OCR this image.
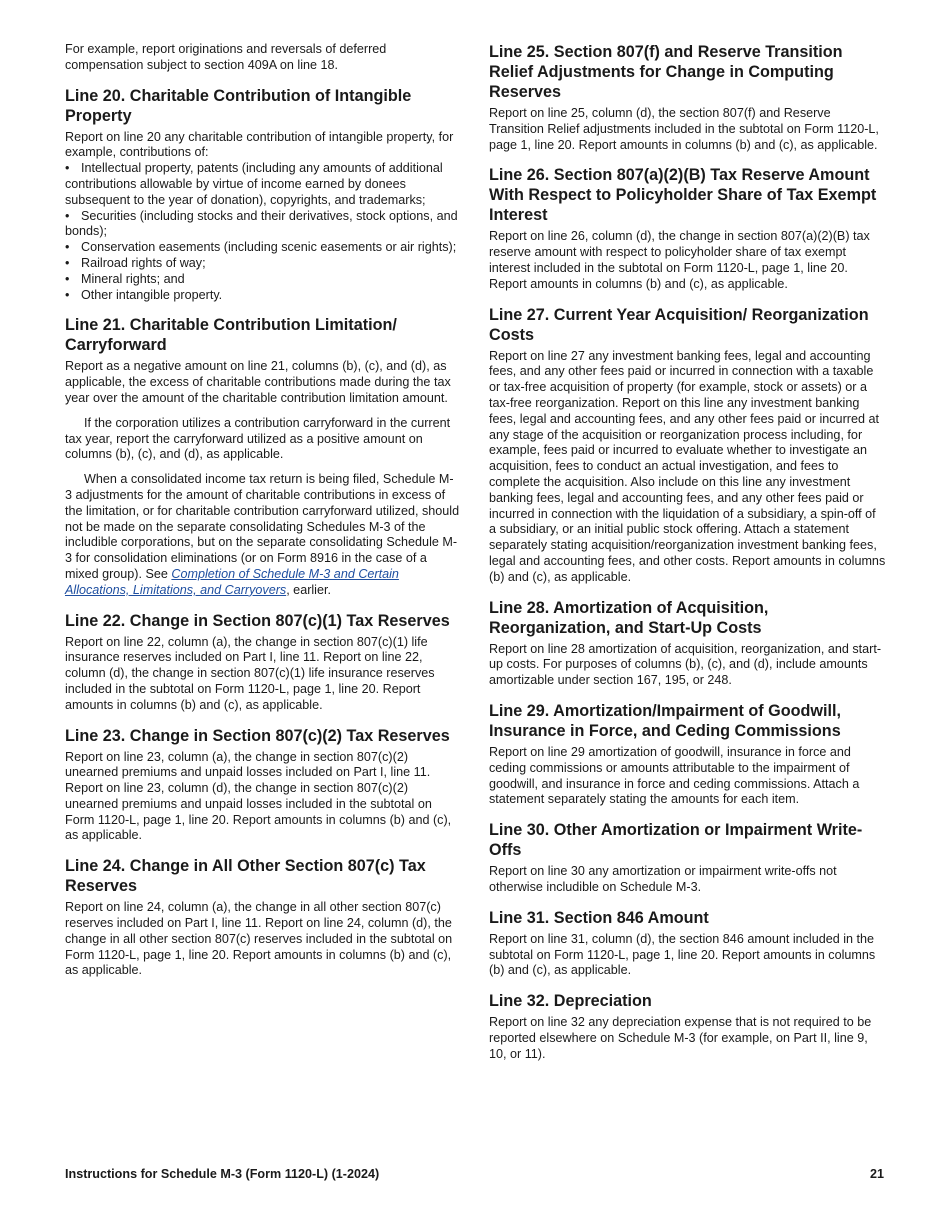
For example, report originations and reversals of deferred compensation subject to section 409A on line 18.

Line 20. Charitable Contribution of Intangible Property

Report on line 20 any charitable contribution of intangible property, for example, contributions of:

• Intellectual property, patents (including any amounts of additional contributions allowable by virtue of income earned by donees subsequent to the year of donation), copyrights, and trademarks;
• Securities (including stocks and their derivatives, stock options, and bonds);
• Conservation easements (including scenic easements or air rights);
• Railroad rights of way;
• Mineral rights; and
• Other intangible property.
Line 21. Charitable Contribution Limitation/ Carryforward

Report as a negative amount on line 21, columns (b), (c), and (d), as applicable, the excess of charitable contributions made during the tax year over the amount of the charitable contribution limitation amount.

If the corporation utilizes a contribution carryforward in the current tax year, report the carryforward utilized as a positive amount on columns (b), (c), and (d), as applicable.

When a consolidated income tax return is being filed, Schedule M-3 adjustments for the amount of charitable contributions in excess of the limitation, or for charitable contribution carryforward utilized, should not be made on the separate consolidating Schedules M-3 of the includible corporations, but on the separate consolidating Schedule M-3 for consolidation eliminations (or on Form 8916 in the case of a mixed group). See Completion of Schedule M-3 and Certain Allocations, Limitations, and Carryovers, earlier.

Line 22. Change in Section 807(c)(1) Tax Reserves

Report on line 22, column (a), the change in section 807(c)(1) life insurance reserves included on Part I, line 11. Report on line 22, column (d), the change in section 807(c)(1) life insurance reserves included in the subtotal on Form 1120-L, page 1, line 20. Report amounts in columns (b) and (c), as applicable.

Line 23. Change in Section 807(c)(2) Tax Reserves

Report on line 23, column (a), the change in section 807(c)(2) unearned premiums and unpaid losses included on Part I, line 11. Report on line 23, column (d), the change in section 807(c)(2) unearned premiums and unpaid losses included in the subtotal on Form 1120-L, page 1, line 20. Report amounts in columns (b) and (c), as applicable.

Line 24. Change in All Other Section 807(c) Tax Reserves

Report on line 24, column (a), the change in all other section 807(c) reserves included on Part I, line 11. Report on line 24, column (d), the change in all other section 807(c) reserves included in the subtotal on Form 1120-L, page 1, line 20. Report amounts in columns (b) and (c), as applicable.

Line 25. Section 807(f) and Reserve Transition Relief Adjustments for Change in Computing Reserves

Report on line 25, column (d), the section 807(f) and Reserve Transition Relief adjustments included in the subtotal on Form 1120-L, page 1, line 20. Report amounts in columns (b) and (c), as applicable.

Line 26. Section 807(a)(2)(B) Tax Reserve Amount With Respect to Policyholder Share of Tax Exempt Interest

Report on line 26, column (d), the change in section 807(a)(2)(B) tax reserve amount with respect to policyholder share of tax exempt interest included in the subtotal on Form 1120-L, page 1, line 20. Report amounts in columns (b) and (c), as applicable.

Line 27. Current Year Acquisition/ Reorganization Costs

Report on line 27 any investment banking fees, legal and accounting fees, and any other fees paid or incurred in connection with a taxable or tax-free acquisition of property (for example, stock or assets) or a tax-free reorganization. Report on this line any investment banking fees, legal and accounting fees, and any other fees paid or incurred at any stage of the acquisition or reorganization process including, for example, fees paid or incurred to evaluate whether to investigate an acquisition, fees to conduct an actual investigation, and fees to complete the acquisition. Also include on this line any investment banking fees, legal and accounting fees, and any other fees paid or incurred in connection with the liquidation of a subsidiary, a spin-off of a subsidiary, or an initial public stock offering. Attach a statement separately stating acquisition/reorganization investment banking fees, legal and accounting fees, and other costs. Report amounts in columns (b) and (c), as applicable.

Line 28. Amortization of Acquisition, Reorganization, and Start-Up Costs

Report on line 28 amortization of acquisition, reorganization, and start-up costs. For purposes of columns (b), (c), and (d), include amounts amortizable under section 167, 195, or 248.

Line 29. Amortization/Impairment of Goodwill, Insurance in Force, and Ceding Commissions

Report on line 29 amortization of goodwill, insurance in force and ceding commissions or amounts attributable to the impairment of goodwill, and insurance in force and ceding commissions. Attach a statement separately stating the amounts for each item.

Line 30. Other Amortization or Impairment Write-Offs

Report on line 30 any amortization or impairment write-offs not otherwise includible on Schedule M-3.

Line 31. Section 846 Amount

Report on line 31, column (d), the section 846 amount included in the subtotal on Form 1120-L, page 1, line 20. Report amounts in columns (b) and (c), as applicable.

Line 32. Depreciation

Report on line 32 any depreciation expense that is not required to be reported elsewhere on Schedule M-3 (for example, on Part II, line 9, 10, or 11).

Instructions for Schedule M-3 (Form 1120-L) (1-2024)	21
